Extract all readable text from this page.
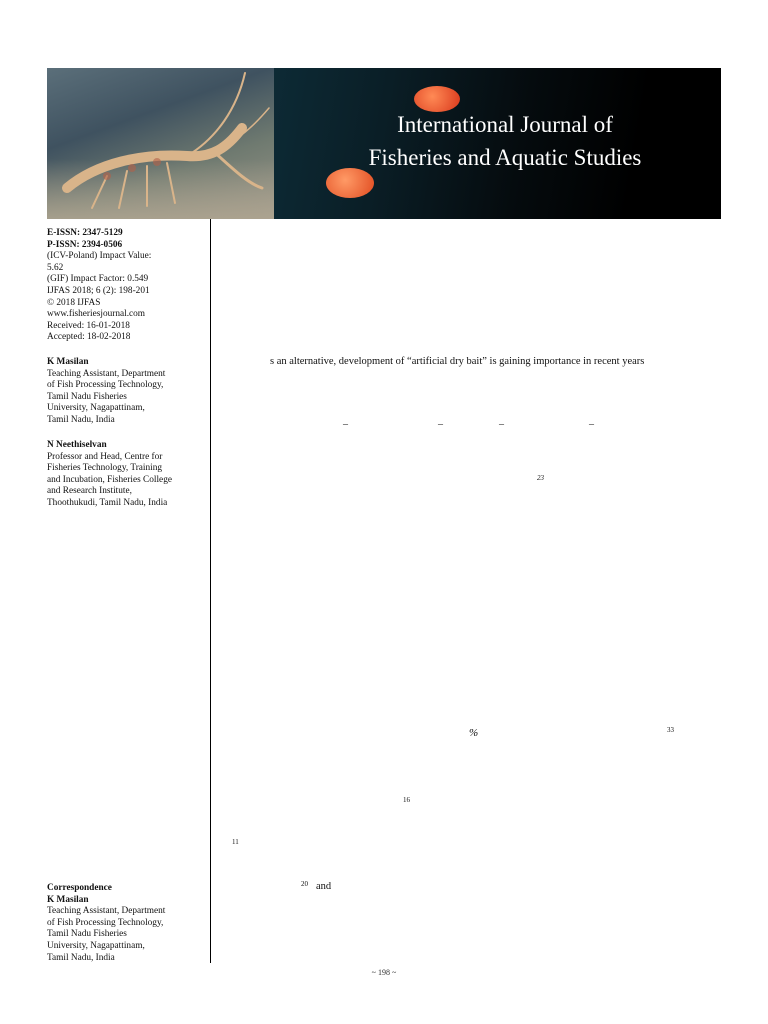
International Journal of
Fisheries and Aquatic Studies
E-ISSN: 2347-5129
P-ISSN: 2394-0506
(ICV-Poland) Impact Value:
5.62
(GIF) Impact Factor: 0.549
IJFAS 2018; 6 (2): 198-201
© 2018 IJFAS
www.fisheriesjournal.com
Received: 16-01-2018
Accepted: 18-02-2018
K Masilan
Teaching Assistant, Department
of Fish Processing Technology,
Tamil Nadu Fisheries
University, Nagapattinam,
Tamil Nadu, India
N Neethiselvan
Professor and Head, Centre for
Fisheries Technology, Training
and Incubation, Fisheries College
and Research Institute,
Thoothukudi, Tamil Nadu, India
Correspondence
K Masilan
Teaching Assistant, Department
of Fish Processing Technology,
Tamil Nadu Fisheries
University, Nagapattinam,
Tamil Nadu, India
s an alternative, development of “artificial dry bait” is gaining importance in recent years
–	–	–	–
23
%	33
16
11
20 and
~ 198 ~
